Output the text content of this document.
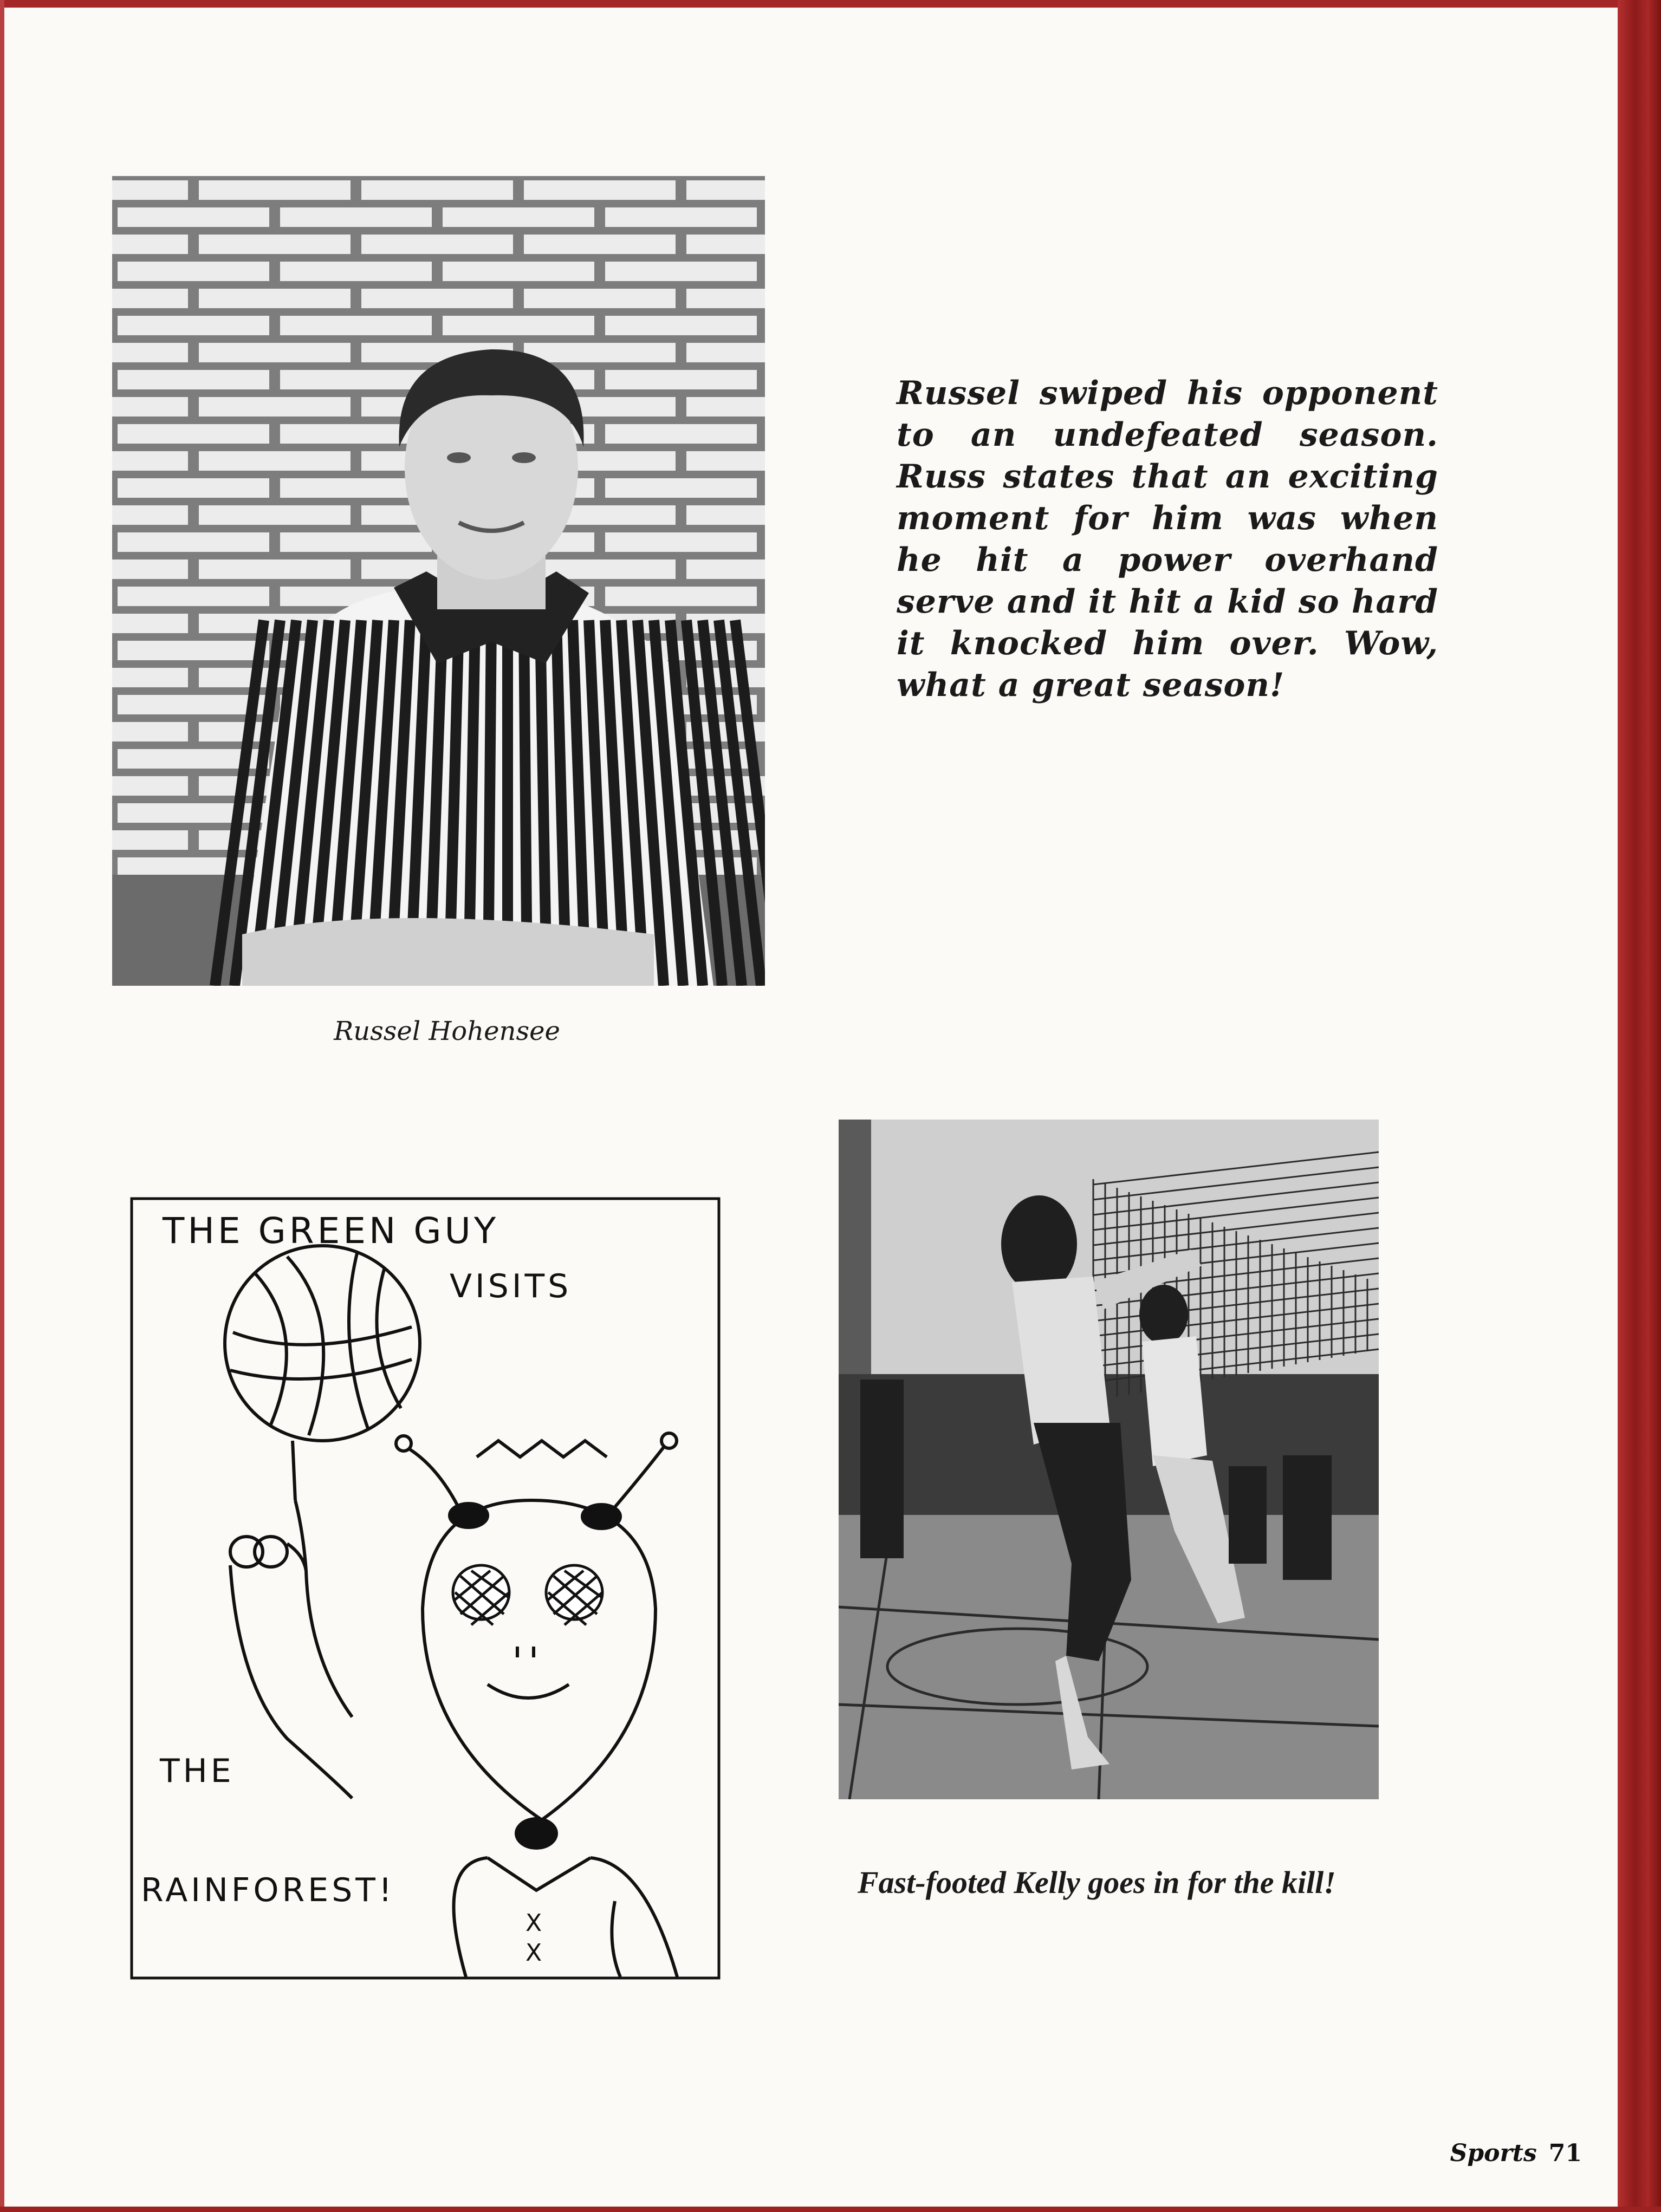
Russel swiped his opponent to an undefeated season. Russ states that an exciting moment for him was when he hit a power overhand serve and it hit a kid so hard it knocked him over. Wow, what a great season!

Russel Hohensee

THE GREEN GUY
VISITS
X
X
THE
RAINFOREST!	Fast-footed Kelly goes in for the kill!

Sports 71
